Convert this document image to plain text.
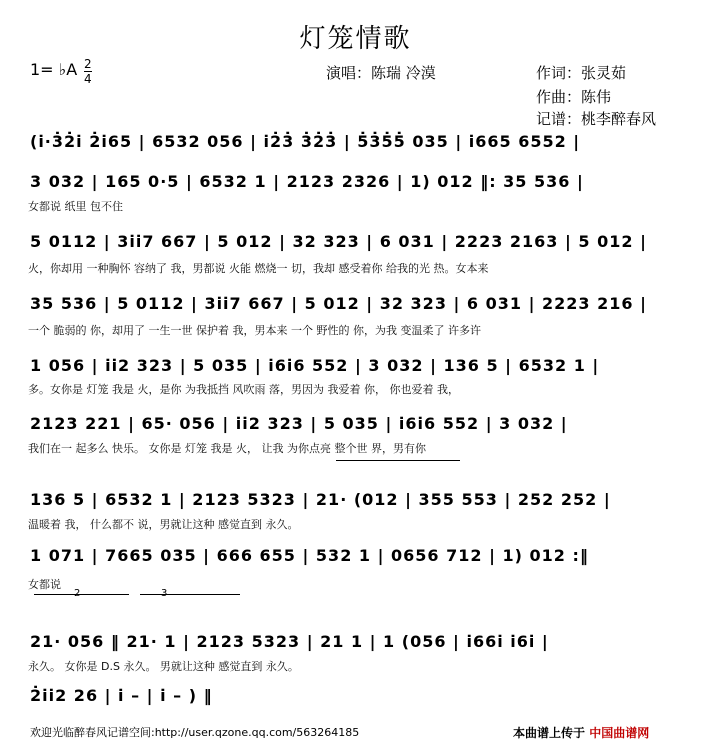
灯笼情歌
1= ♭A 2
4	演唱：陈瑞 冷漠	作词：张灵茹
作曲：陈伟
记谱：桃李醉春风
(i̇·3̇2̇i̇ 2̇i̇65 | 6532 056 | i̇2̇3̇ 3̇2̇3̇ | 5̇3̇5̇5̇ 035 | i̇665 6552 |
3 032 | 165 0·5 | 6532 1 | 2123 2326 | 1) 012 ‖: 35 536 |
女都说 纸里 包不住
5 0112 | 3i̇i̇7 667 | 5 012 | 32 323 | 6 031 | 2223 2163 | 5 012 |
火，你却用 一种胸怀 容纳了 我，男都说 火能 燃烧一 切，我却 感受着你 给我的光 热。女本来
35 536 | 5 0112 | 3i̇i̇7 667 | 5 012 | 32 323 | 6 031 | 2223 216 |
一个 脆弱的 你，却用了 一生一世 保护着 我，男本来 一个 野性的 你，为我 变温柔了 许多许
1 056 | i̇i̇2 323 | 5 035 | i̇6i̇6 552 | 3 032 | 136 5 | 6532 1 |
多。女你是 灯笼 我是 火，是你 为我抵挡 风吹雨 落，男因为 我爱着 你， 你也爱着 我，
2123 221 | 65· 056 | i̇i̇2 323 | 5 035 | i̇6i̇6 552 | 3 032 |
我们在一 起多么 快乐。 女你是 灯笼 我是 火， 让我 为你点亮 整个世 界，男有你
136 5 | 6532 1 | 2123 5323 | 21· (012 | 355 553 | 252 252 |
温暖着 我， 什么都不 说，男就让这种 感觉直到 永久。
1 071 | 7665 035 | 666 655 | 532 1 | 0656 712 | 1) 012 :‖
女都说
2	3
21· 056 ‖ 21· 1 | 2123 5323 | 21 1 | 1 (056 | i̇66i̇ i̇6i̇ |
永久。 女你是 D.S 永久。 男就让这种 感觉直到 永久。
2̇i̇i̇2 26 | i̇ – | i̇ – ) ‖
欢迎光临醉春风记谱空间:http://user.qzone.qq.com/563264185	本曲谱上传于 中国曲谱网
